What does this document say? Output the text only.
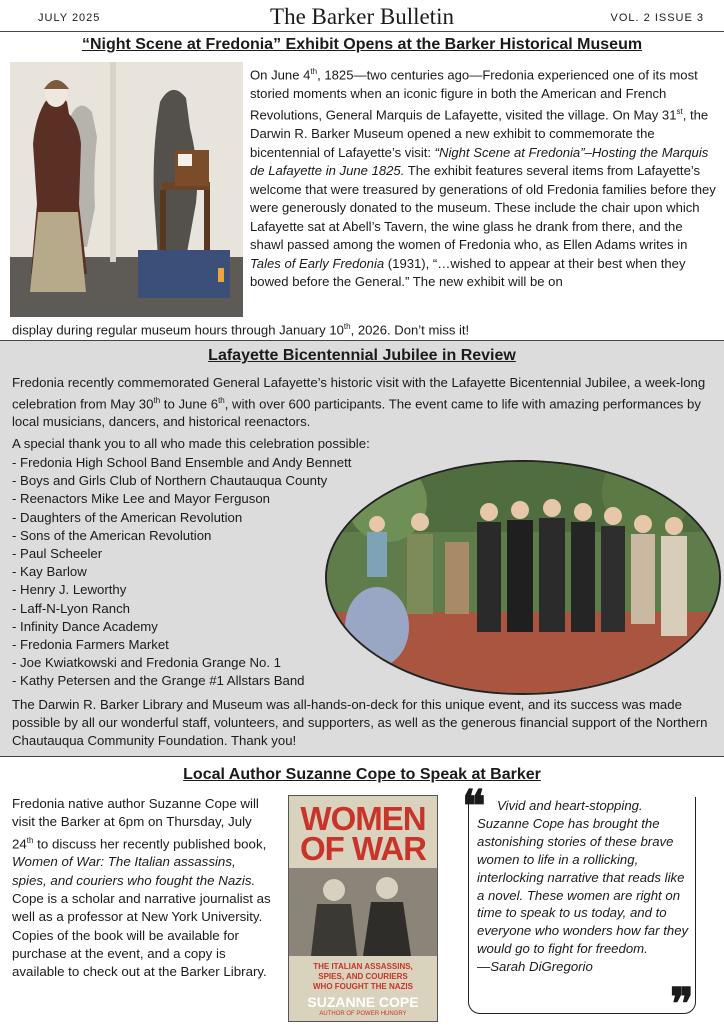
JULY 2025	The Barker Bulletin	VOL. 2 ISSUE 3
“Night Scene at Fredonia” Exhibit Opens at the Barker Historical Museum
On June 4th, 1825—two centuries ago—Fredonia experienced one of its most storied moments when an iconic figure in both the American and French Revolutions, General Marquis de Lafayette, visited the village. On May 31st, the Darwin R. Barker Museum opened a new exhibit to commemorate the bicentennial of Lafayette’s visit: “Night Scene at Fredonia”–Hosting the Marquis de Lafayette in June 1825. The exhibit features several items from Lafayette’s welcome that were treasured by generations of old Fredonia families before they were generously donated to the museum. These include the chair upon which Lafayette sat at Abell’s Tavern, the wine glass he drank from there, and the shawl passed among the women of Fredonia who, as Ellen Adams writes in Tales of Early Fredonia (1931), “…wished to appear at their best when they bowed before the General.” The new exhibit will be on
display during regular museum hours through January 10th, 2026. Don’t miss it!
Lafayette Bicentennial Jubilee in Review
Fredonia recently commemorated General Lafayette’s historic visit with the Lafayette Bicentennial Jubilee, a week-long celebration from May 30th to June 6th, with over 600 participants. The event came to life with amazing performances by local musicians, dancers, and historical reenactors.
A special thank you to all who made this celebration possible:
- Fredonia High School Band Ensemble and Andy Bennett
- Boys and Girls Club of Northern Chautauqua County
- Reenactors Mike Lee and Mayor Ferguson
- Daughters of the American Revolution
- Sons of the American Revolution
- Paul Scheeler
- Kay Barlow
- Henry J. Leworthy
- Laff-N-Lyon Ranch
- Infinity Dance Academy
- Fredonia Farmers Market
- Joe Kwiatkowski and Fredonia Grange No. 1
- Kathy Petersen and the Grange #1 Allstars Band
The Darwin R. Barker Library and Museum was all-hands-on-deck for this unique event, and its success was made possible by all our wonderful staff, volunteers, and supporters, as well as the generous financial support of the Northern Chautauqua Community Foundation. Thank you!
Local Author Suzanne Cope to Speak at Barker
Fredonia native author Suzanne Cope will visit the Barker at 6pm on Thursday, July 24th to discuss her recently published book, Women of War: The Italian assassins, spies, and couriers who fought the Nazis. Cope is a scholar and narrative journalist as well as a professor at New York University. Copies of the book will be available for purchase at the event, and a copy is available to check out at the Barker Library.
WOMEN
OF WAR
THE ITALIAN ASSASSINS,
SPIES, AND COURIERS
WHO FOUGHT THE NAZIS
SUZANNE COPE
AUTHOR OF POWER HUNGRY
Vivid and heart-stopping. Suzanne Cope has brought the astonishing stories of these brave women to life in a rollicking, interlocking narrative that reads like a novel. These women are right on time to speak to us today, and to everyone who wonders how far they would go to fight for freedom.
—Sarah DiGregorio
❝
❞
